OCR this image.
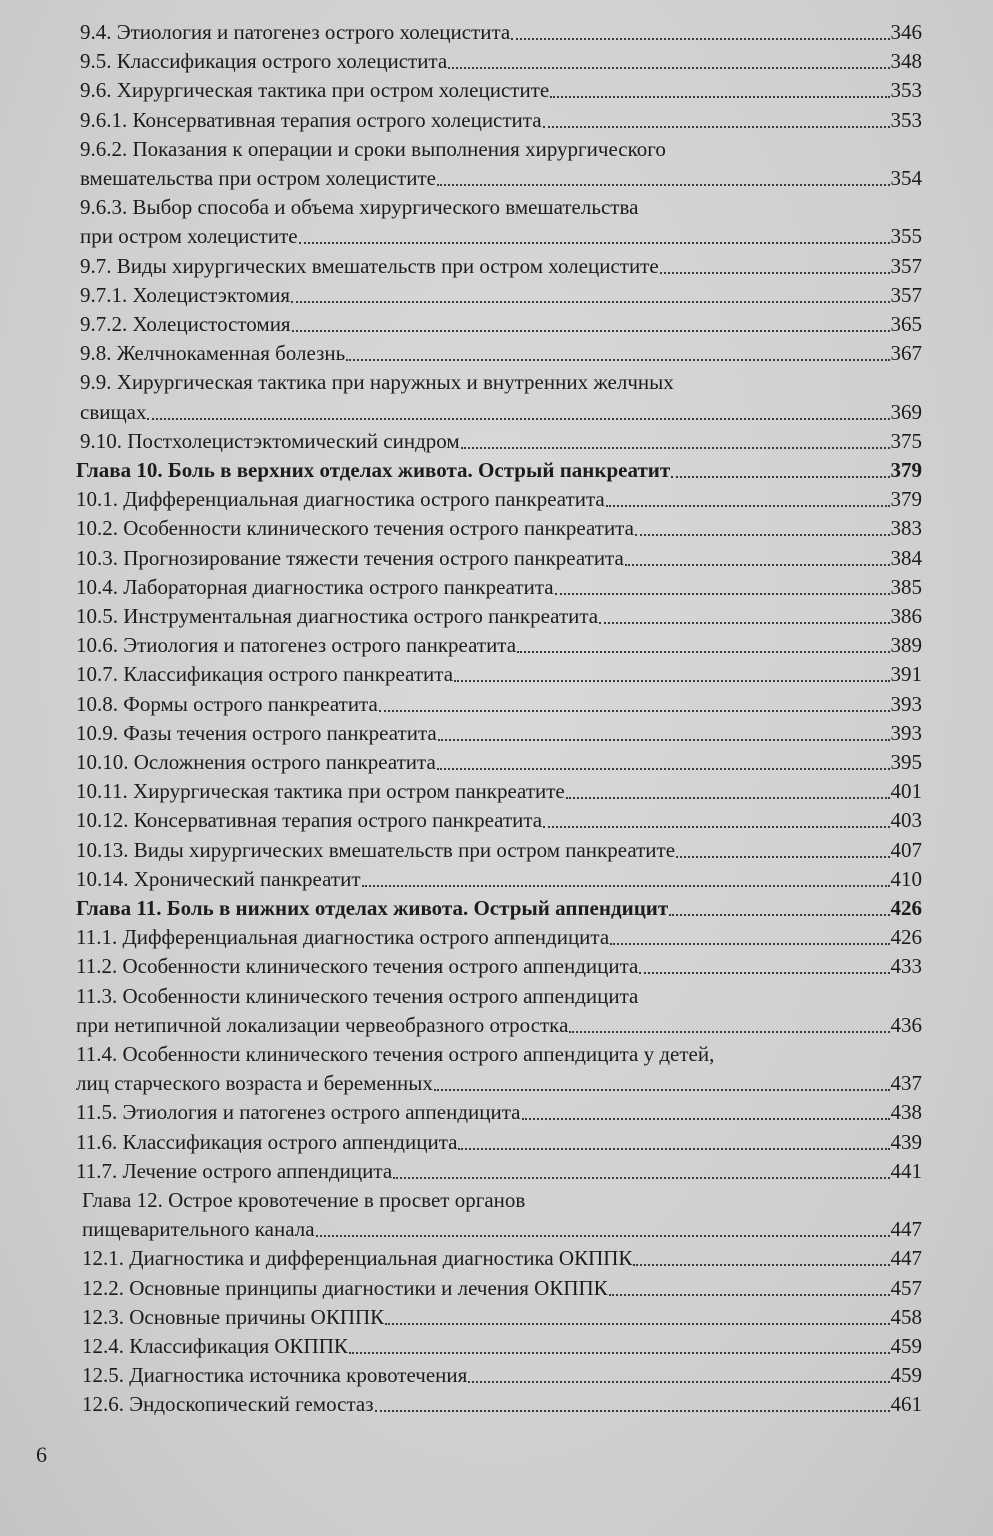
9.4. Этиология и патогенез острого холецистита	346
9.5. Классификация острого холецистита	348
9.6. Хирургическая тактика при остром холецистите	353
9.6.1. Консервативная терапия острого холецистита	353
9.6.2. Показания к операции и сроки выполнения хирургического
вмешательства при остром холецистите	354
9.6.3. Выбор способа и объема хирургического вмешательства
при остром холецистите	355
9.7. Виды хирургических вмешательств при остром холецистите	357
9.7.1. Холецистэктомия	357
9.7.2. Холецистостомия	365
9.8. Желчнокаменная болезнь	367
9.9. Хирургическая тактика при наружных и внутренних желчных
свищах	369
9.10. Постхолецистэктомический синдром	375
Глава 10. Боль в верхних отделах живота. Острый панкреатит	379
10.1. Дифференциальная диагностика острого панкреатита	379
10.2. Особенности клинического течения острого панкреатита	383
10.3. Прогнозирование тяжести течения острого панкреатита	384
10.4. Лабораторная диагностика острого панкреатита	385
10.5. Инструментальная диагностика острого панкреатита	386
10.6. Этиология и патогенез острого панкреатита	389
10.7. Классификация острого панкреатита	391
10.8. Формы острого панкреатита	393
10.9. Фазы течения острого панкреатита	393
10.10. Осложнения острого панкреатита	395
10.11. Хирургическая тактика при остром панкреатите	401
10.12. Консервативная терапия острого панкреатита	403
10.13. Виды хирургических вмешательств при остром панкреатите	407
10.14. Хронический панкреатит	410
Глава 11. Боль в нижних отделах живота. Острый аппендицит	426
11.1. Дифференциальная диагностика острого аппендицита	426
11.2. Особенности клинического течения острого аппендицита	433
11.3. Особенности клинического течения острого аппендицита
при нетипичной локализации червеобразного отростка	436
11.4. Особенности клинического течения острого аппендицита у детей,
лиц старческого возраста и беременных	437
11.5. Этиология и патогенез острого аппендицита	438
11.6. Классификация острого аппендицита	439
11.7. Лечение острого аппендицита	441
Глава 12. Острое кровотечение в просвет органов
пищеварительного канала	447
12.1. Диагностика и дифференциальная диагностика ОКППК	447
12.2. Основные принципы диагностики и лечения ОКППК	457
12.3. Основные причины ОКППК	458
12.4. Классификация ОКППК	459
12.5. Диагностика источника кровотечения	459
12.6. Эндоскопический гемостаз	461
6
